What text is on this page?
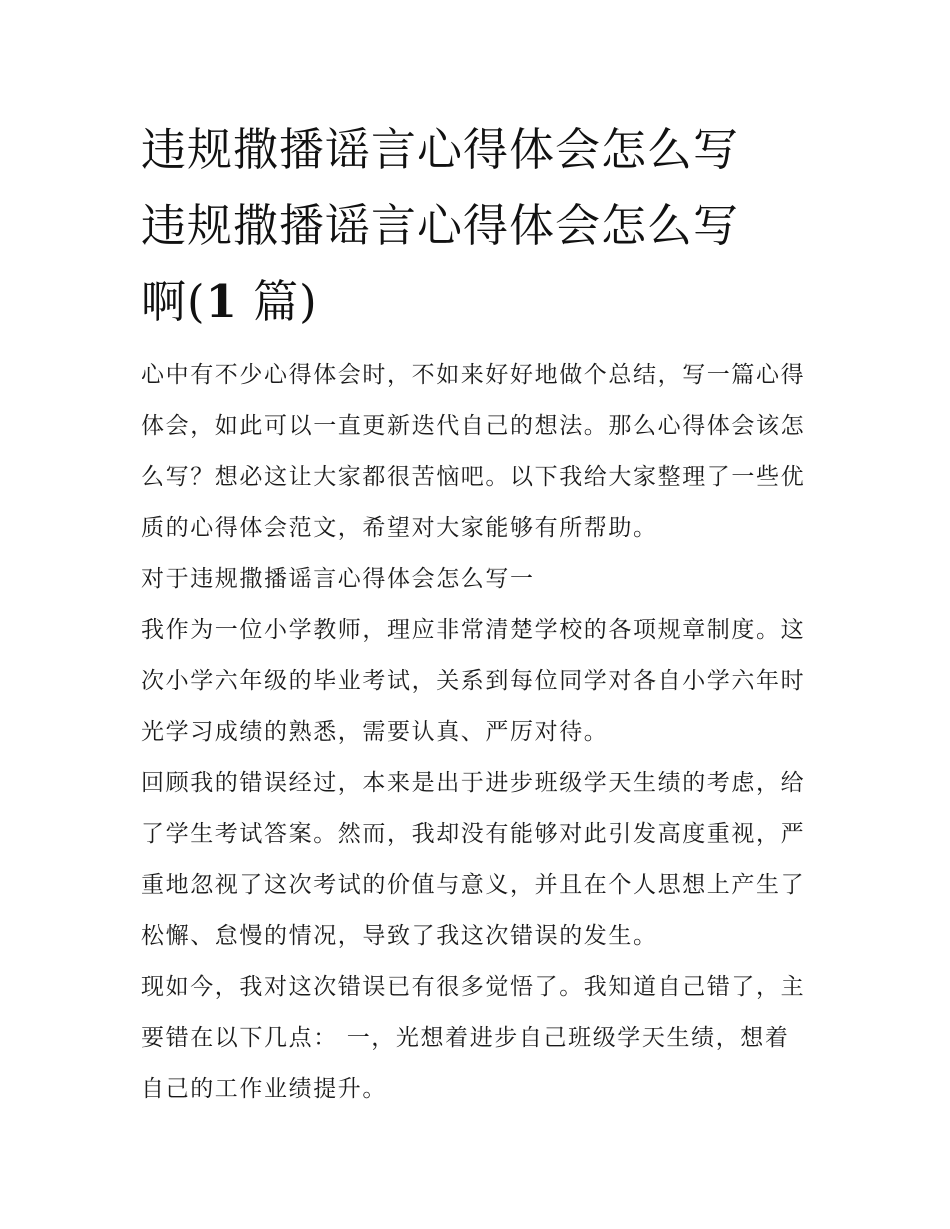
违规撒播谣言心得体会怎么写
违规撒播谣言心得体会怎么写
啊(1 篇)

心中有不少心得体会时，不如来好好地做个总结，写一篇心得
体会，如此可以一直更新迭代自己的想法。那么心得体会该怎
么写？想必这让大家都很苦恼吧。以下我给大家整理了一些优
质的心得体会范文，希望对大家能够有所帮助。

对于违规撒播谣言心得体会怎么写一

我作为一位小学教师，理应非常清楚学校的各项规章制度。这
次小学六年级的毕业考试，关系到每位同学对各自小学六年时
光学习成绩的熟悉，需要认真、严厉对待。

回顾我的错误经过，本来是出于进步班级学天生绩的考虑，给
了学生考试答案。然而，我却没有能够对此引发高度重视，严
重地忽视了这次考试的价值与意义，并且在个人思想上产生了
松懈、怠慢的情况，导致了我这次错误的发生。

现如今，我对这次错误已有很多觉悟了。我知道自己错了，主
要错在以下几点： 一，光想着进步自己班级学天生绩，想着
自己的工作业绩提升。
